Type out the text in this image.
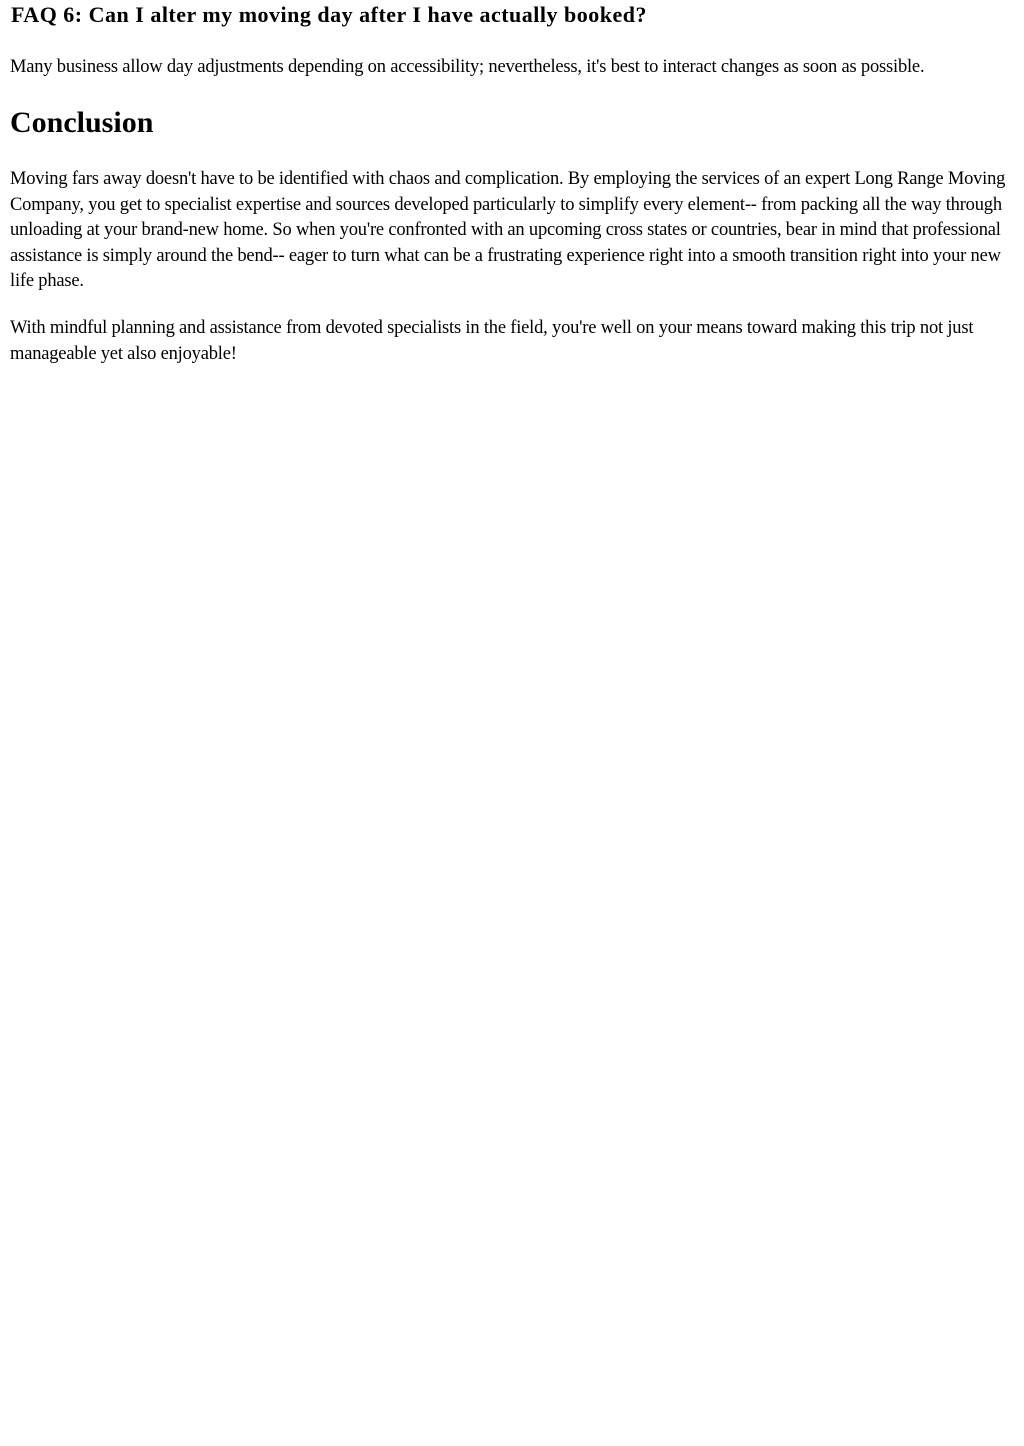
FAQ 6: Can I alter my moving day after I have actually booked?

Many business allow day adjustments depending on accessibility; nevertheless, it's best to interact changes as soon as possible.

Conclusion

Moving fars away doesn't have to be identified with chaos and complication. By employing the services of an expert Long Range Moving Company, you get to specialist expertise and sources developed particularly to simplify every element-- from packing all the way through unloading at your brand-new home. So when you're confronted with an upcoming cross states or countries, bear in mind that professional assistance is simply around the bend-- eager to turn what can be a frustrating experience right into a smooth transition right into your new life phase.

With mindful planning and assistance from devoted specialists in the field, you're well on your means toward making this trip not just manageable yet also enjoyable!
